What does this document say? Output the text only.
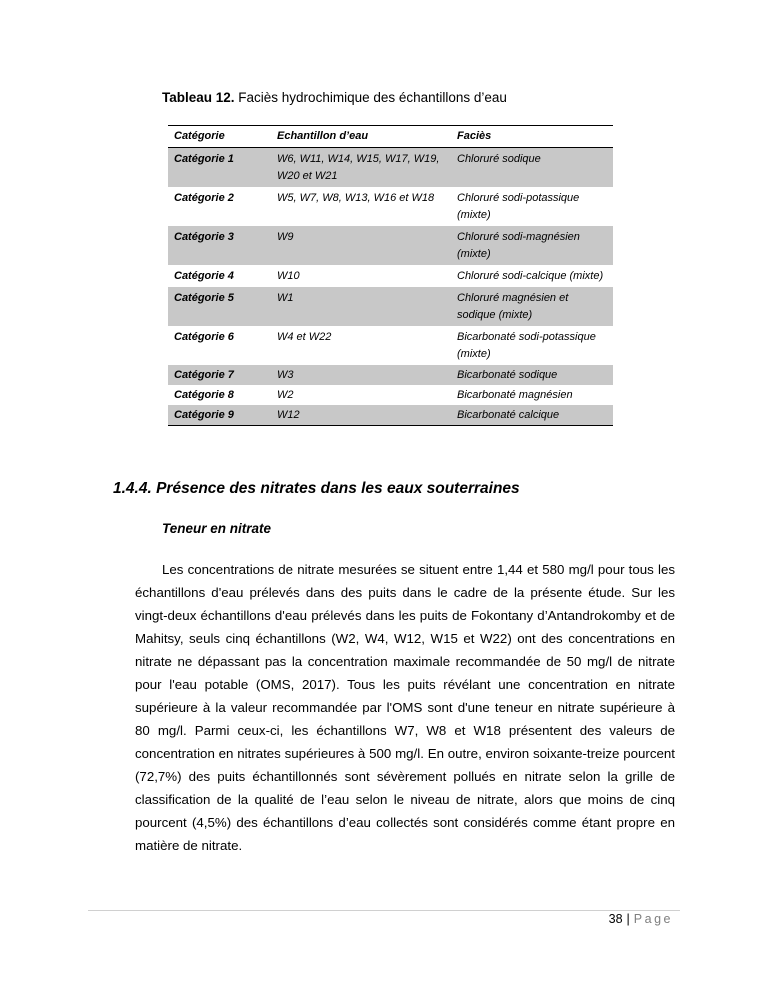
Tableau 12. Faciès hydrochimique des échantillons d’eau
Catégorie	Echantillon d’eau	Faciès
Catégorie 1	W6, W11, W14, W15, W17, W19, W20 et W21	Chloruré sodique
Catégorie 2	W5, W7, W8, W13, W16 et W18	Chloruré sodi-potassique (mixte)
Catégorie 3	W9	Chloruré sodi-magnésien (mixte)
Catégorie 4	W10	Chloruré sodi-calcique (mixte)
Catégorie 5	W1	Chloruré magnésien et sodique (mixte)
Catégorie 6	W4 et W22	Bicarbonaté sodi-potassique (mixte)
Catégorie 7	W3	Bicarbonaté sodique
Catégorie 8	W2	Bicarbonaté magnésien
Catégorie 9	W12	Bicarbonaté calcique
1.4.4. Présence des nitrates dans les eaux souterraines
Teneur en nitrate

Les concentrations de nitrate mesurées se situent entre 1,44 et 580 mg/l pour tous les échantillons d'eau prélevés dans des puits dans le cadre de la présente étude. Sur les vingt-deux échantillons d'eau prélevés dans les puits de Fokontany d’Antandrokomby et de Mahitsy, seuls cinq échantillons (W2, W4, W12, W15 et W22) ont des concentrations en nitrate ne dépassant pas la concentration maximale recommandée de 50 mg/l de nitrate pour l'eau potable (OMS, 2017). Tous les puits révélant une concentration en nitrate supérieure à la valeur recommandée par l'OMS sont d'une teneur en nitrate supérieure à 80 mg/l. Parmi ceux-ci, les échantillons W7, W8 et W18 présentent des valeurs de concentration en nitrates supérieures à 500 mg/l. En outre, environ soixante-treize pourcent (72,7%) des puits échantillonnés sont sévèrement pollués en nitrate selon la grille de classification de la qualité de l’eau selon le niveau de nitrate, alors que moins de cinq pourcent (4,5%) des échantillons d’eau collectés sont considérés comme étant propre en matière de nitrate.

38 | Page
